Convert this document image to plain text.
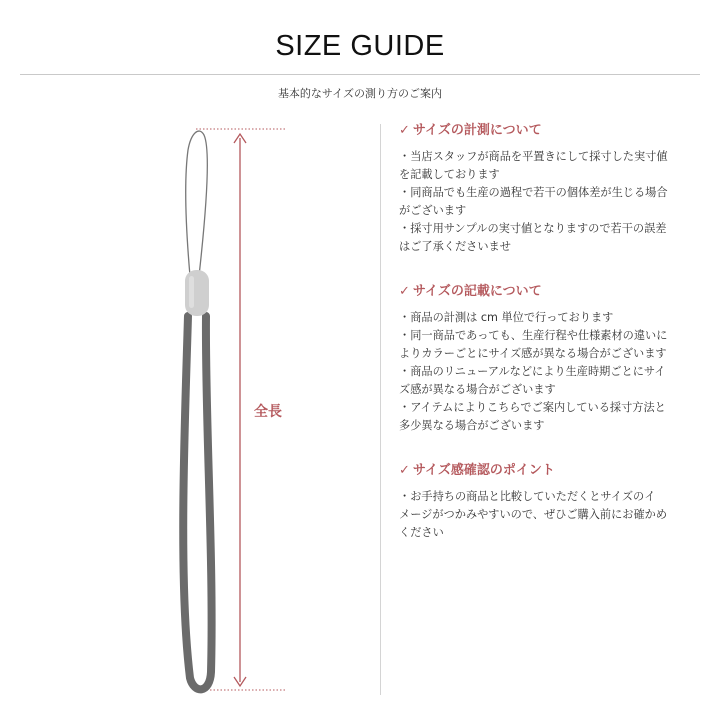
SIZE GUIDE
基本的なサイズの測り方のご案内
全長
✓ サイズの計測について
・当店スタッフが商品を平置きにして採寸した実寸値
を記載しております
・同商品でも生産の過程で若干の個体差が生じる場合
がございます
・採寸用サンプルの実寸値となりますので若干の誤差
はご了承くださいませ
✓ サイズの記載について
・商品の計測は cm 単位で行っております
・同一商品であっても、生産行程や仕様素材の違いに
よりカラーごとにサイズ感が異なる場合がございます
・商品のリニューアルなどにより生産時期ごとにサイ
ズ感が異なる場合がございます
・アイテムによりこちらでご案内している採寸方法と
多少異なる場合がございます
✓ サイズ感確認のポイント
・お手持ちの商品と比較していただくとサイズのイ
メージがつかみやすいので、ぜひご購入前にお確かめ
ください
